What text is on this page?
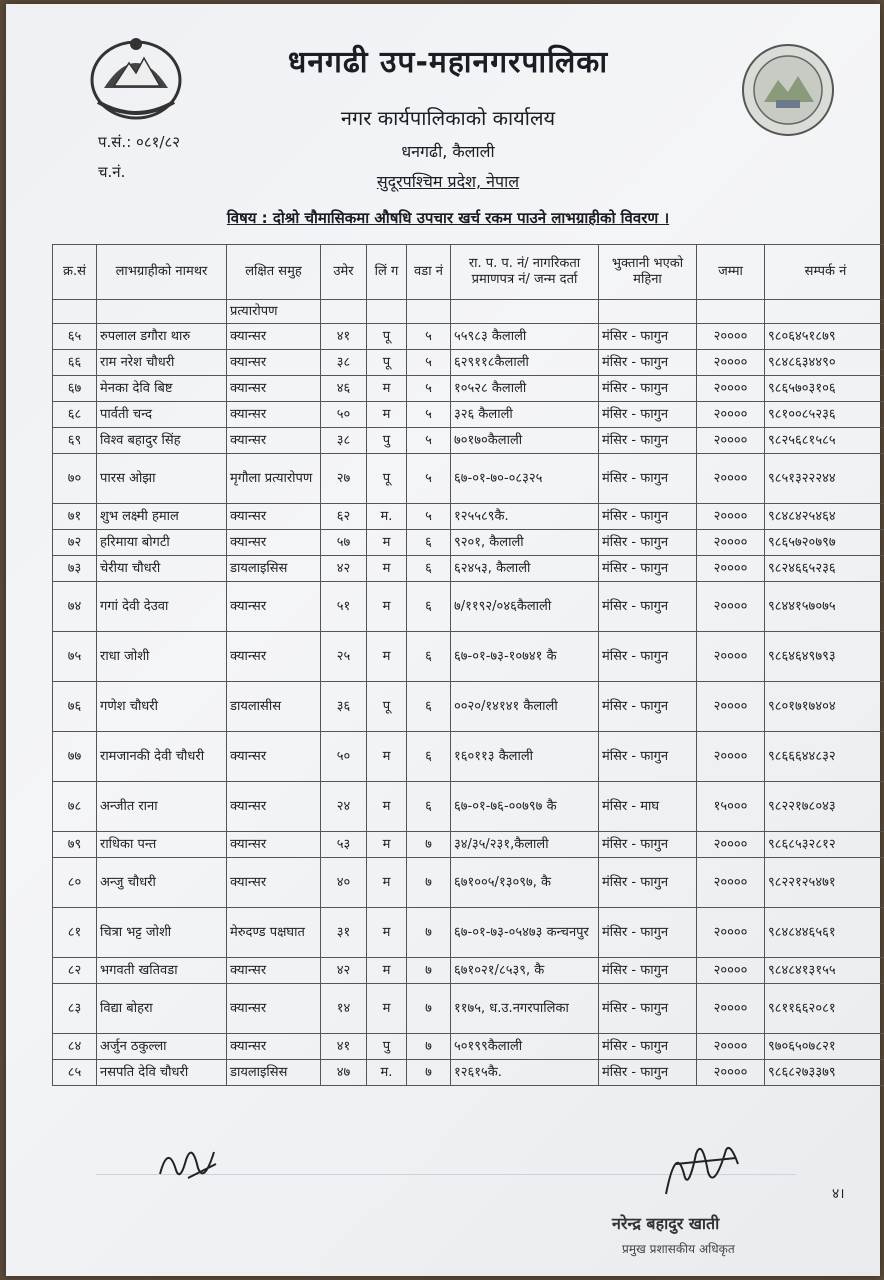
धनगढी उप-महानगरपालिका
नगर कार्यपालिकाको कार्यालय
धनगढी, कैलाली
सुदूरपश्चिम प्रदेश, नेपाल
प.सं.: ०८१/८२
च.नं.
विषय : दोश्रो चौमासिकमा औषधि उपचार खर्च रकम पाउने लाभग्राहीको विवरण ।
क्र.सं	लाभग्राहीको नामथर	लक्षित समुह	उमेर	लिं ग	वडा नं	रा. प. प. नं/ नागरिकता प्रमाणपत्र नं/ जन्म दर्ता	भुक्तानी भएको महिना	जम्मा	सम्पर्क नं
		प्रत्यारोपण							
६५	रुपलाल डगौरा थारु	क्यान्सर	४१	पू	५	५५९८३ कैलाली	मंसिर - फागुन	२००००	९८०६४५१८७९
६६	राम नरेश चौधरी	क्यान्सर	३८	पू	५	६२९११८कैलाली	मंसिर - फागुन	२००००	९८४८६३४४९०
६७	मेनका देवि बिष्ट	क्यान्सर	४६	म	५	१०५२८ कैलाली	मंसिर - फागुन	२००००	९८६५७०३१०६
६८	पार्वती चन्द	क्यान्सर	५०	म	५	३२६ कैलाली	मंसिर - फागुन	२००००	९८१००८५२३६
६९	विश्व बहादुर सिंह	क्यान्सर	३८	पु	५	७०१७०कैलाली	मंसिर - फागुन	२००००	९८२५६८१५८५
७०	पारस ओझा	मृगौला प्रत्यारोपण	२७	पू	५	६७-०१-७०-०८३२५	मंसिर - फागुन	२००००	९८५१३२२२४४
७१	शुभ लक्ष्मी हमाल	क्यान्सर	६२	म.	५	१२५५८९कै.	मंसिर - फागुन	२००००	९८४८४२५४६४
७२	हरिमाया बोगटी	क्यान्सर	५७	म	६	९२०१, कैलाली	मंसिर - फागुन	२००००	९८६५७२०७९७
७३	चेरीया चौधरी	डायलाइसिस	४२	म	६	६२४५३, कैलाली	मंसिर - फागुन	२००००	९८२४६६५२३६
७४	गगां देवी देउवा	क्यान्सर	५१	म	६	७/११९२/०४६कैलाली	मंसिर - फागुन	२००००	९८४४१५७०७५
७५	राधा जोशी	क्यान्सर	२५	म	६	६७-०१-७३-१०७४१ कै	मंसिर - फागुन	२००००	९८६४६४९७९३
७६	गणेश चौधरी	डायलासीस	३६	पू	६	००२०/१४१४१ कैलाली	मंसिर - फागुन	२००००	९८०१७१७४०४
७७	रामजानकी देवी चौधरी	क्यान्सर	५०	म	६	१६०११३ कैलाली	मंसिर - फागुन	२००००	९८६६६४४८३२
७८	अन्जीत राना	क्यान्सर	२४	म	६	६७-०१-७६-००७९७ कै	मंसिर - माघ	१५०००	९८२२१७८०४३
७९	राधिका पन्त	क्यान्सर	५३	म	७	३४/३५/२३१,कैलाली	मंसिर - फागुन	२००००	९८६८५३२८१२
८०	अन्जु चौधरी	क्यान्सर	४०	म	७	६७१००५/१३०९७, कै	मंसिर - फागुन	२००००	९८२२१२५४७१
८१	चित्रा भट्ट जोशी	मेरुदण्ड पक्षघात	३१	म	७	६७-०१-७३-०५४७३ कन्चनपुर	मंसिर - फागुन	२००००	९८४८४४६५६१
८२	भगवती खतिवडा	क्यान्सर	४२	म	७	६७१०२१/८५३९, कै	मंसिर - फागुन	२००००	९८४८४१३१५५
८३	विद्या बोहरा	क्यान्सर	१४	म	७	११७५, ध.उ.नगरपालिका	मंसिर - फागुन	२००००	९८११६६२०८१
८४	अर्जुन ठकुल्ला	क्यान्सर	४१	पु	७	५०१९९कैलाली	मंसिर - फागुन	२००००	९७०६५०७८२१
८५	नसपति देवि चौधरी	डायलाइसिस	४७	म.	७	१२६१५कै.	मंसिर - फागुन	२००००	९८६८२७३३७९
४।
नरेन्द्र बहादुर खाती
प्रमुख प्रशासकीय अधिकृत
